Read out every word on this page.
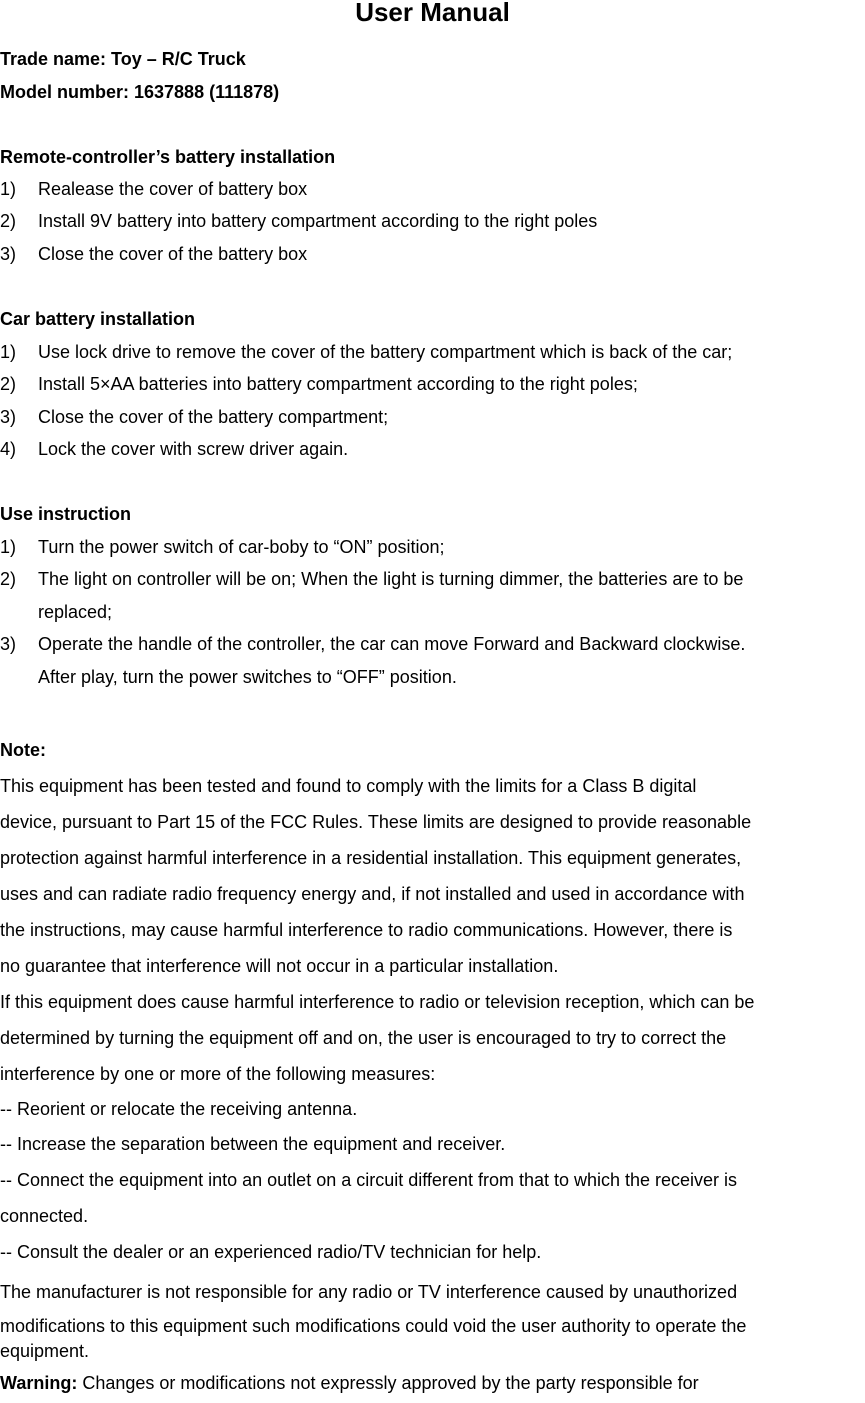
User Manual
Trade name: Toy – R/C Truck
Model number: 1637888 (111878)
Remote-controller’s battery installation
1) Realease the cover of battery box
2) Install 9V battery into battery compartment according to the right poles
3) Close the cover of the battery box
Car battery installation
1) Use lock drive to remove the cover of the battery compartment which is back of the car;
2) Install 5×AA batteries into battery compartment according to the right poles;
3) Close the cover of the battery compartment;
4) Lock the cover with screw driver again.
Use instruction
1) Turn the power switch of car-boby to “ON” position;
2) The light on controller will be on; When the light is turning dimmer, the batteries are to be
replaced;
3) Operate the handle of the controller, the car can move Forward and Backward clockwise.
After play, turn the power switches to “OFF” position.
Note:
This equipment has been tested and found to comply with the limits for a Class B digital
device, pursuant to Part 15 of the FCC Rules. These limits are designed to provide reasonable
protection against harmful interference in a residential installation. This equipment generates,
uses and can radiate radio frequency energy and, if not installed and used in accordance with
the instructions, may cause harmful interference to radio communications. However, there is
no guarantee that interference will not occur in a particular installation.
If this equipment does cause harmful interference to radio or television reception, which can be
determined by turning the equipment off and on, the user is encouraged to try to correct the
interference by one or more of the following measures:
-- Reorient or relocate the receiving antenna.
-- Increase the separation between the equipment and receiver.
-- Connect the equipment into an outlet on a circuit different from that to which the receiver is
connected.
-- Consult the dealer or an experienced radio/TV technician for help.
The manufacturer is not responsible for any radio or TV interference caused by unauthorized
modifications to this equipment such modifications could void the user authority to operate the
equipment.
Warning: Changes or modifications not expressly approved by the party responsible for
